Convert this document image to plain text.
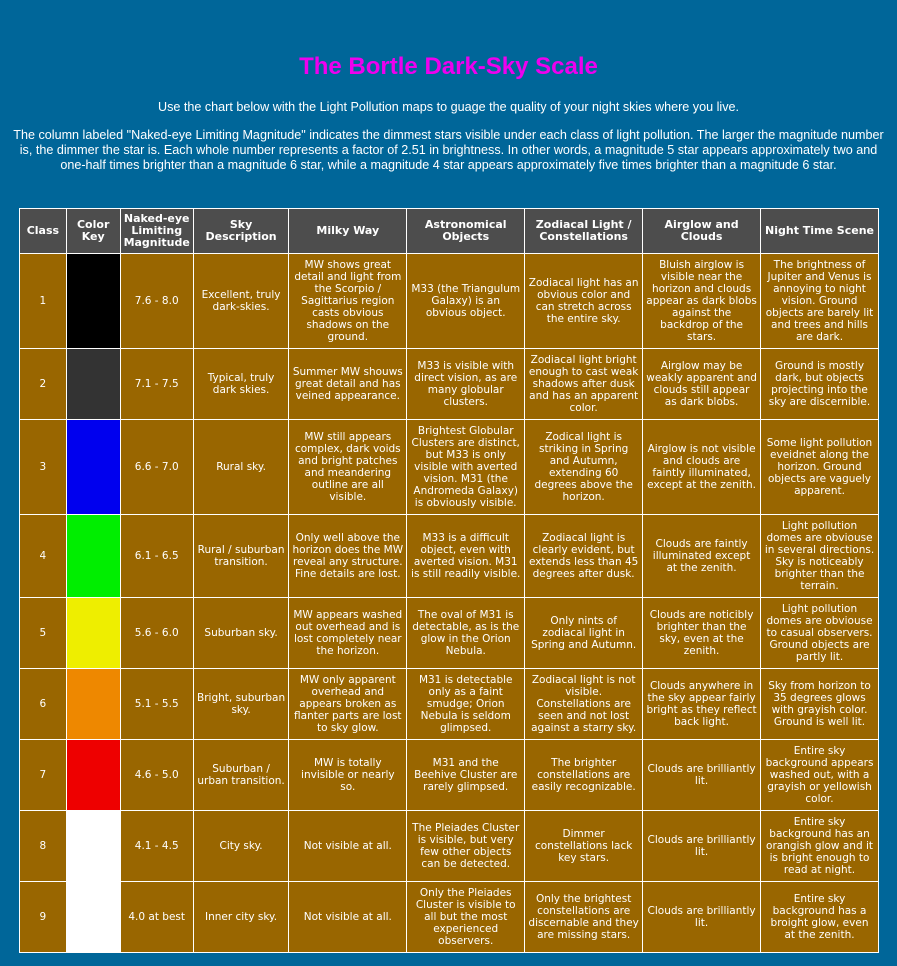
The Bortle Dark-Sky Scale

Use the chart below with the Light Pollution maps to guage the quality of your night skies where you live.

The column labeled "Naked-eye Limiting Magnitude" indicates the dimmest stars visible under each class of light pollution. The larger the magnitude number is, the dimmer the star is. Each whole number represents a factor of 2.51 in brightness. In other words, a magnitude 5 star appears approximately two and one-half times brighter than a magnitude 6 star, while a magnitude 4 star appears approximately five times brighter than a magnitude 6 star.

Class	Color Key	Naked-eye Limiting Magnitude	Sky Description	Milky Way	Astronomical Objects	Zodiacal Light / Constellations	Airglow and Clouds	Night Time Scene
1		7.6 - 8.0	Excellent, truly dark-skies.	MW shows great detail and light from the Scorpio / Sagittarius region casts obvious shadows on the ground.	M33 (the Triangulum Galaxy) is an obvious object.	Zodiacal light has an obvious color and can stretch across the entire sky.	Bluish airglow is visible near the horizon and clouds appear as dark blobs against the backdrop of the stars.	The brightness of Jupiter and Venus is annoying to night vision. Ground objects are barely lit and trees and hills are dark.
2		7.1 - 7.5	Typical, truly dark skies.	Summer MW shouws great detail and has veined appearance.	M33 is visible with direct vision, as are many globular clusters.	Zodiacal light bright enough to cast weak shadows after dusk and has an apparent color.	Airglow may be weakly apparent and clouds still appear as dark blobs.	Ground is mostly dark, but objects projecting into the sky are discernible.
3		6.6 - 7.0	Rural sky.	MW still appears complex, dark voids and bright patches and meandering outline are all visible.	Brightest Globular Clusters are distinct, but M33 is only visible with averted vision. M31 (the Andromeda Galaxy) is obviously visible.	Zodical light is striking in Spring and Autumn, extending 60 degrees above the horizon.	Airglow is not visible and clouds are faintly illuminated, except at the zenith.	Some light pollution eveidnet along the horizon. Ground objects are vaguely apparent.
4		6.1 - 6.5	Rural / suburban transition.	Only well above the horizon does the MW reveal any structure. Fine details are lost.	M33 is a difficult object, even with averted vision. M31 is still readily visible.	Zodiacal light is clearly evident, but extends less than 45 degrees after dusk.	Clouds are faintly illuminated except at the zenith.	Light pollution domes are obviouse in several directions. Sky is noticeably brighter than the terrain.
5		5.6 - 6.0	Suburban sky.	MW appears washed out overhead and is lost completely near the horizon.	The oval of M31 is detectable, as is the glow in the Orion Nebula.	Only nints of zodiacal light in Spring and Autumn.	Clouds are noticibly brighter than the sky, even at the zenith.	Light pollution domes are obviouse to casual observers. Ground objects are partly lit.
6		5.1 - 5.5	Bright, suburban sky.	MW only apparent overhead and appears broken as flanter parts are lost to sky glow.	M31 is detectable only as a faint smudge; Orion Nebula is seldom glimpsed.	Zodiacal light is not visible. Constellations are seen and not lost against a starry sky.	Clouds anywhere in the sky appear fairly bright as they reflect back light.	Sky from horizon to 35 degrees glows with grayish color. Ground is well lit.
7		4.6 - 5.0	Suburban / urban transition.	MW is totally invisible or nearly so.	M31 and the Beehive Cluster are rarely glimpsed.	The brighter constellations are easily recognizable.	Clouds are brilliantly lit.	Entire sky background appears washed out, with a grayish or yellowish color.
8		4.1 - 4.5	City sky.	Not visible at all.	The Pleiades Cluster is visible, but very few other objects can be detected.	Dimmer constellations lack key stars.	Clouds are brilliantly lit.	Entire sky background has an orangish glow and it is bright enough to read at night.
9		4.0 at best	Inner city sky.	Not visible at all.	Only the Pleiades Cluster is visible to all but the most experienced observers.	Only the brightest constellations are discernable and they are missing stars.	Clouds are brilliantly lit.	Entire sky background has a broight glow, even at the zenith.
